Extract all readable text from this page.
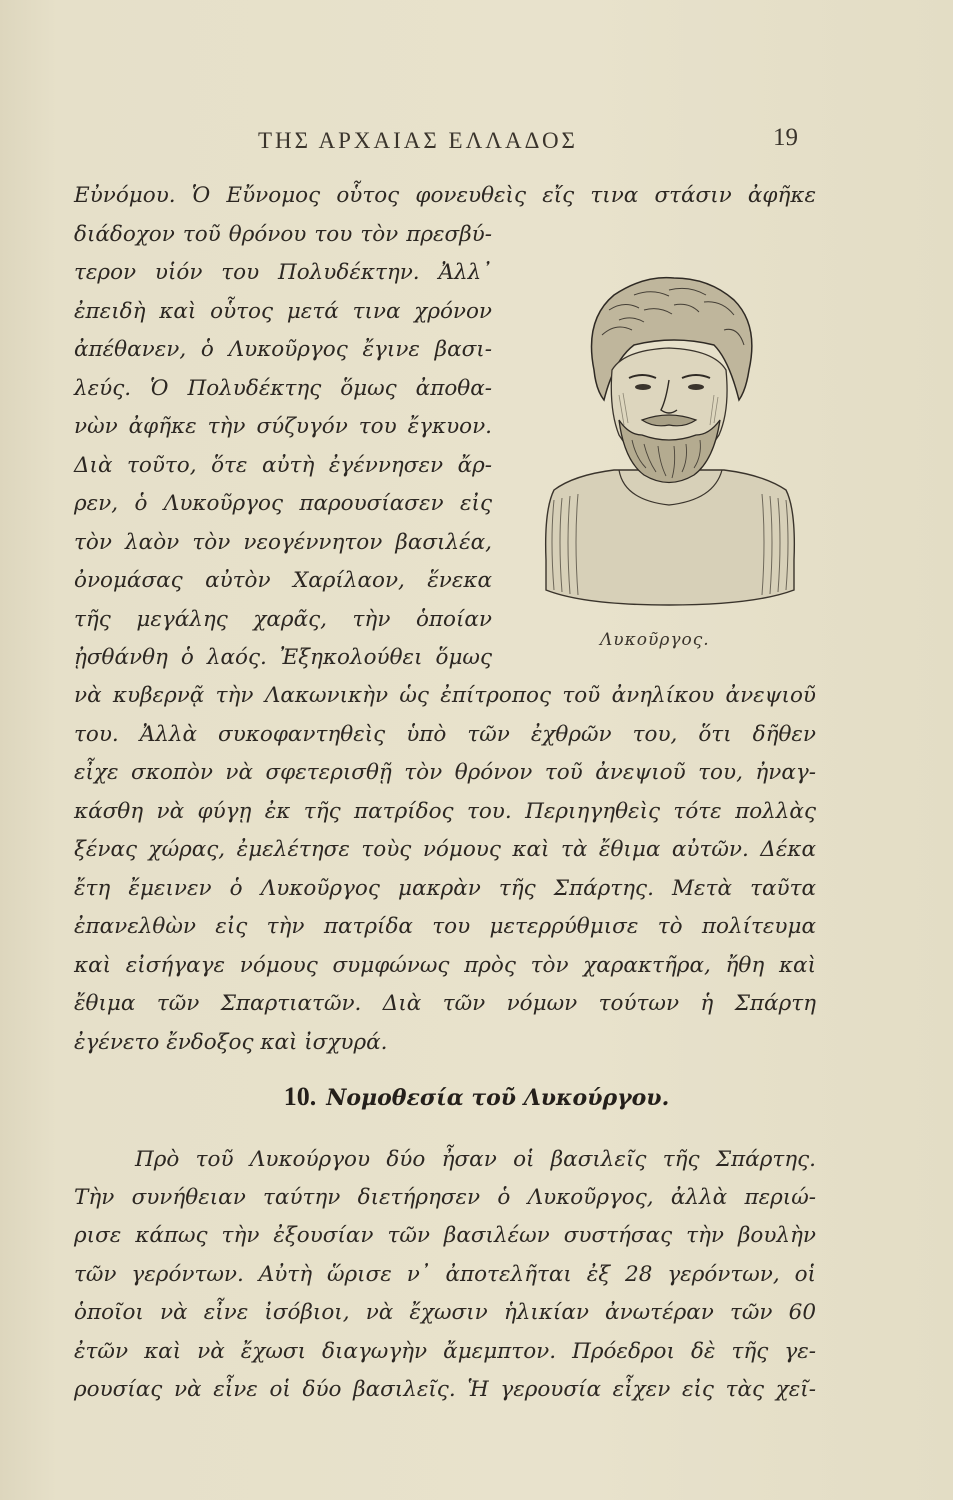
ΤΗΣ ΑΡΧΑΙΑΣ ΕΛΛΑΔΟΣ	19
Εὐνόμου. Ὁ Εὔνομος οὗτος φονευθεὶς εἴς τινα στάσιν ἀφῆκε
διάδοχον τοῦ θρόνου του τὸν πρεσβύ-
τερον υἱόν του Πολυδέκτην. Ἀλλ᾽
ἐπειδὴ καὶ οὗτος μετά τινα χρόνον
ἀπέθανεν, ὁ Λυκοῦργος ἔγινε βασι-
λεύς. Ὁ Πολυδέκτης ὅμως ἀποθα-
νὼν ἀφῆκε τὴν σύζυγόν του ἔγκυον.
Διὰ τοῦτο, ὅτε αὐτὴ ἐγέννησεν ἄρ-
ρεν, ὁ Λυκοῦργος παρουσίασεν εἰς
τὸν λαὸν τὸν νεογέννητον βασιλέα,
ὀνομάσας αὐτὸν Χαρίλαον, ἕνεκα
τῆς μεγάλης χαρᾶς, τὴν ὁποίαν
ᾐσθάνθη ὁ λαός. Ἐξηκολούθει ὅμως
Λυκοῦργος.
νὰ κυβερνᾷ τὴν Λακωνικὴν ὡς ἐπίτροπος τοῦ ἀνηλίκου ἀνεψιοῦ
του. Ἀλλὰ συκοφαντηθεὶς ὑπὸ τῶν ἐχθρῶν του, ὅτι δῆθεν
εἶχε σκοπὸν νὰ σφετερισθῇ τὸν θρόνον τοῦ ἀνεψιοῦ του, ἠναγ-
κάσθη νὰ φύγῃ ἐκ τῆς πατρίδος του. Περιηγηθεὶς τότε πολλὰς
ξένας χώρας, ἐμελέτησε τοὺς νόμους καὶ τὰ ἔθιμα αὐτῶν. Δέκα
ἔτη ἔμεινεν ὁ Λυκοῦργος μακρὰν τῆς Σπάρτης. Μετὰ ταῦτα
ἐπανελθὼν εἰς τὴν πατρίδα του μετερρύθμισε τὸ πολίτευμα
καὶ εἰσήγαγε νόμους συμφώνως πρὸς τὸν χαρακτῆρα, ἤθη καὶ
ἔθιμα τῶν Σπαρτιατῶν. Διὰ τῶν νόμων τούτων ἡ Σπάρτη
ἐγένετο ἔνδοξος καὶ ἰσχυρά.
10. Νομοθεσία τοῦ Λυκούργου.
Πρὸ τοῦ Λυκούργου δύο ἦσαν οἱ βασιλεῖς τῆς Σπάρτης.
Τὴν συνήθειαν ταύτην διετήρησεν ὁ Λυκοῦργος, ἀλλὰ περιώ-
ρισε κάπως τὴν ἐξουσίαν τῶν βασιλέων συστήσας τὴν βουλὴν
τῶν γερόντων. Αὐτὴ ὥρισε ν᾽ ἀποτελῆται ἐξ 28 γερόντων, οἱ
ὁποῖοι νὰ εἶνε ἰσόβιοι, νὰ ἔχωσιν ἡλικίαν ἀνωτέραν τῶν 60
ἐτῶν καὶ νὰ ἔχωσι διαγωγὴν ἄμεμπτον. Πρόεδροι δὲ τῆς γε-
ρουσίας νὰ εἶνε οἱ δύο βασιλεῖς. Ἡ γερουσία εἶχεν εἰς τὰς χεῖ-
